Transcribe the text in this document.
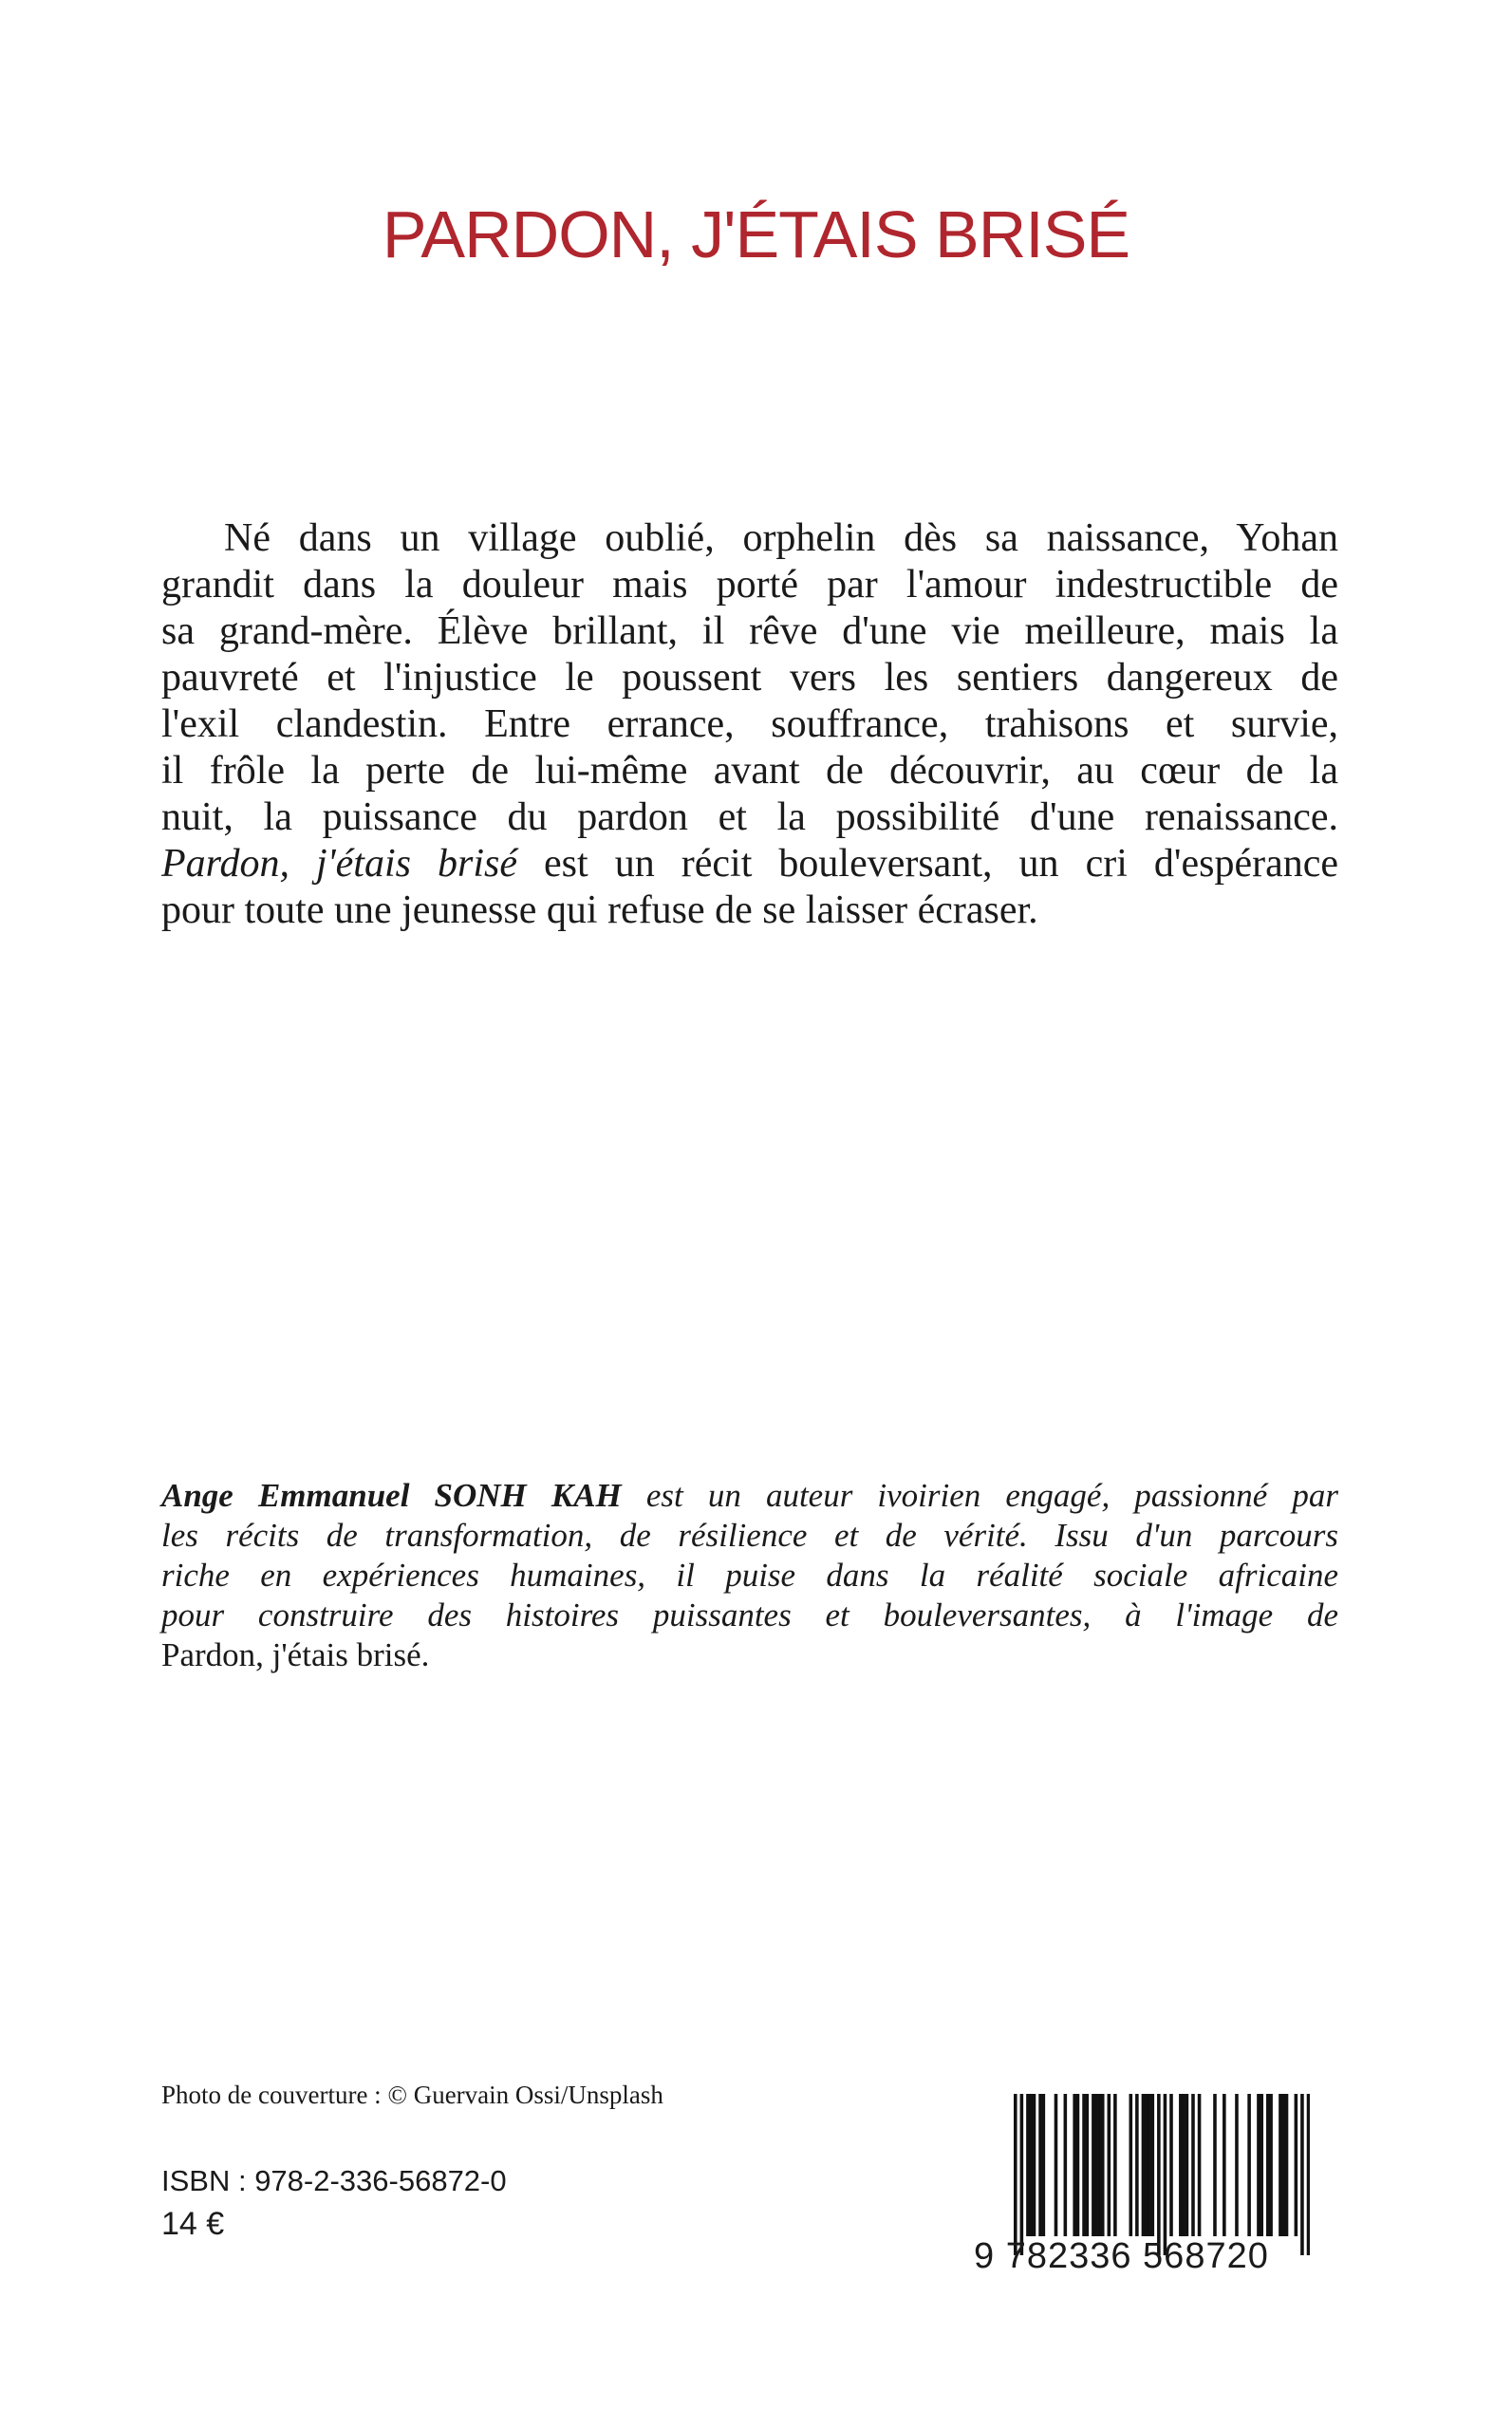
PARDON, J'ÉTAIS BRISÉ
Né dans un village oublié, orphelin dès sa naissance, Yohan
grandit dans la douleur mais porté par l'amour indestructible de
sa grand-mère. Élève brillant, il rêve d'une vie meilleure, mais la
pauvreté et l'injustice le poussent vers les sentiers dangereux de
l'exil clandestin. Entre errance, souffrance, trahisons et survie,
il frôle la perte de lui-même avant de découvrir, au cœur de la
nuit, la puissance du pardon et la possibilité d'une renaissance.
Pardon, j'étais brisé est un récit bouleversant, un cri d'espérance
pour toute une jeunesse qui refuse de se laisser écraser.
Ange Emmanuel SONH KAH est un auteur ivoirien engagé, passionné par
les récits de transformation, de résilience et de vérité. Issu d'un parcours
riche en expériences humaines, il puise dans la réalité sociale africaine
pour construire des histoires puissantes et bouleversantes, à l'image de
Pardon, j'étais brisé.

Photo de couverture : © Guervain Ossi/Unsplash

ISBN : 978-2-336-56872-0

14 €

9 782336 568720
